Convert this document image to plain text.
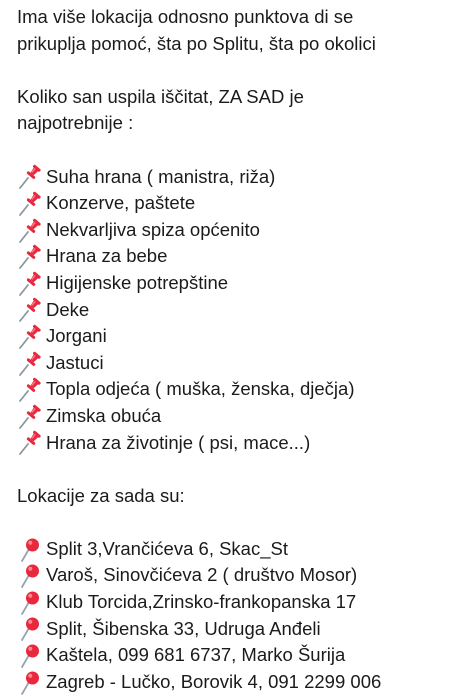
Ima više lokacija odnosno punktova di se
prikuplja pomoć, šta po Splitu, šta po okolici
Koliko san uspila iščitat, ZA SAD je
najpotrebnije :
Suha hrana ( manistra, riža)
Konzerve, paštete
Nekvarljiva spiza općenito
Hrana za bebe
Higijenske potrepštine
Deke
Jorgani
Jastuci
Topla odjeća ( muška, ženska, dječja)
Zimska obuća
Hrana za životinje ( psi, mace...)
Lokacije za sada su:
Split 3,Vrančićeva 6, Skac_St
Varoš, Sinovčićeva 2 ( društvo Mosor)
Klub Torcida,Zrinsko-frankopanska 17
Split, Šibenska 33, Udruga Anđeli
Kaštela, 099 681 6737, Marko Šurija
Zagreb - Lučko, Borovik 4, 091 2299 006
